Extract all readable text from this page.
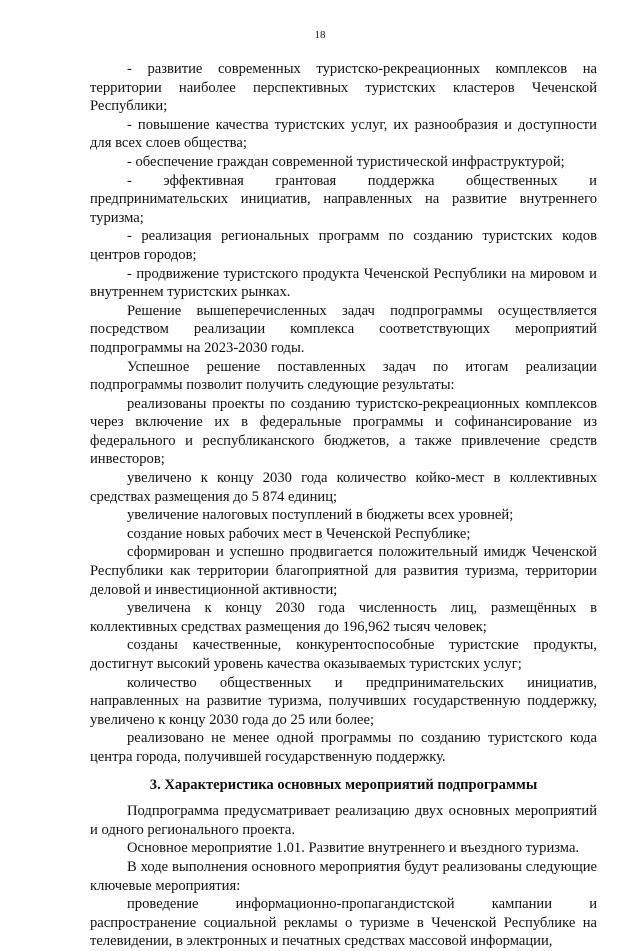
18

- развитие современных туристско-рекреационных комплексов на территории наиболее перспективных туристских кластеров Чеченской Республики;

- повышение качества туристских услуг, их разнообразия и доступности для всех слоев общества;

- обеспечение граждан современной туристической инфраструктурой;

- эффективная грантовая поддержка общественных и предпринимательских инициатив, направленных на развитие внутреннего туризма;

- реализация региональных программ по созданию туристских кодов центров городов;

- продвижение туристского продукта Чеченской Республики на мировом и внутреннем туристских рынках.

Решение вышеперечисленных задач подпрограммы осуществляется посредством реализации комплекса соответствующих мероприятий подпрограммы на 2023-2030 годы.

Успешное решение поставленных задач по итогам реализации подпрограммы позволит получить следующие результаты:

реализованы проекты по созданию туристско-рекреационных комплексов через включение их в федеральные программы и софинансирование из федерального и республиканского бюджетов, а также привлечение средств инвесторов;

увеличено к концу 2030 года количество койко-мест в коллективных средствах размещения до 5 874 единиц;

увеличение налоговых поступлений в бюджеты всех уровней;

создание новых рабочих мест в Чеченской Республике;

сформирован и успешно продвигается положительный имидж Чеченской Республики как территории благоприятной для развития туризма, территории деловой и инвестиционной активности;

увеличена к концу 2030 года численность лиц, размещённых в коллективных средствах размещения до 196,962 тысяч человек;

созданы качественные, конкурентоспособные туристские продукты, достигнут высокий уровень качества оказываемых туристских услуг;

количество общественных и предпринимательских инициатив, направленных на развитие туризма, получивших государственную поддержку, увеличено к концу 2030 года до 25 или более;

реализовано не менее одной программы по созданию туристского кода центра города, получившей государственную поддержку.

3. Характеристика основных мероприятий подпрограммы

Подпрограмма предусматривает реализацию двух основных мероприятий и одного регионального проекта.

Основное мероприятие 1.01. Развитие внутреннего и въездного туризма.

В ходе выполнения основного мероприятия будут реализованы следующие ключевые мероприятия:

проведение информационно-пропагандистской кампании и распространение социальной рекламы о туризме в Чеченской Республике на телевидении, в электронных и печатных средствах массовой информации,
